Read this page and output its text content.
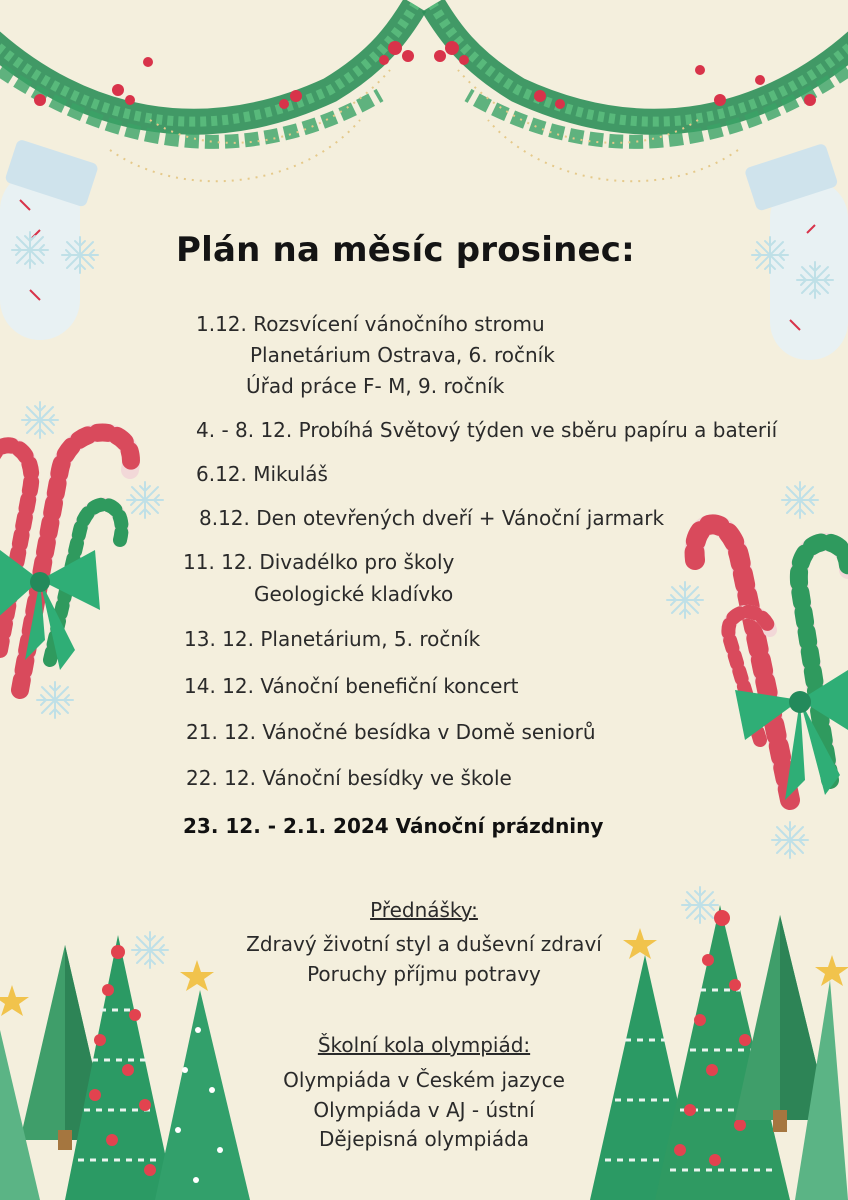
Plán na měsíc prosinec:
1.12. Rozsvícení vánočního stromu
Planetárium Ostrava, 6. ročník
Úřad práce F- M, 9. ročník
4. - 8. 12. Probíhá Světový týden ve sběru papíru a baterií
6.12. Mikuláš
8.12. Den otevřených dveří + Vánoční jarmark
11. 12. Divadélko pro školy
Geologické kladívko
13. 12. Planetárium, 5. ročník
14. 12. Vánoční benefiční koncert
21. 12. Vánočné besídka v Domě seniorů
22. 12. Vánoční besídky ve škole
23. 12. - 2.1. 2024 Vánoční prázdniny
Přednášky:
Zdravý životní styl a duševní zdraví
Poruchy příjmu potravy
Školní kola olympiád:
Olympiáda v Českém jazyce
Olympiáda v AJ - ústní
Dějepisná olympiáda
